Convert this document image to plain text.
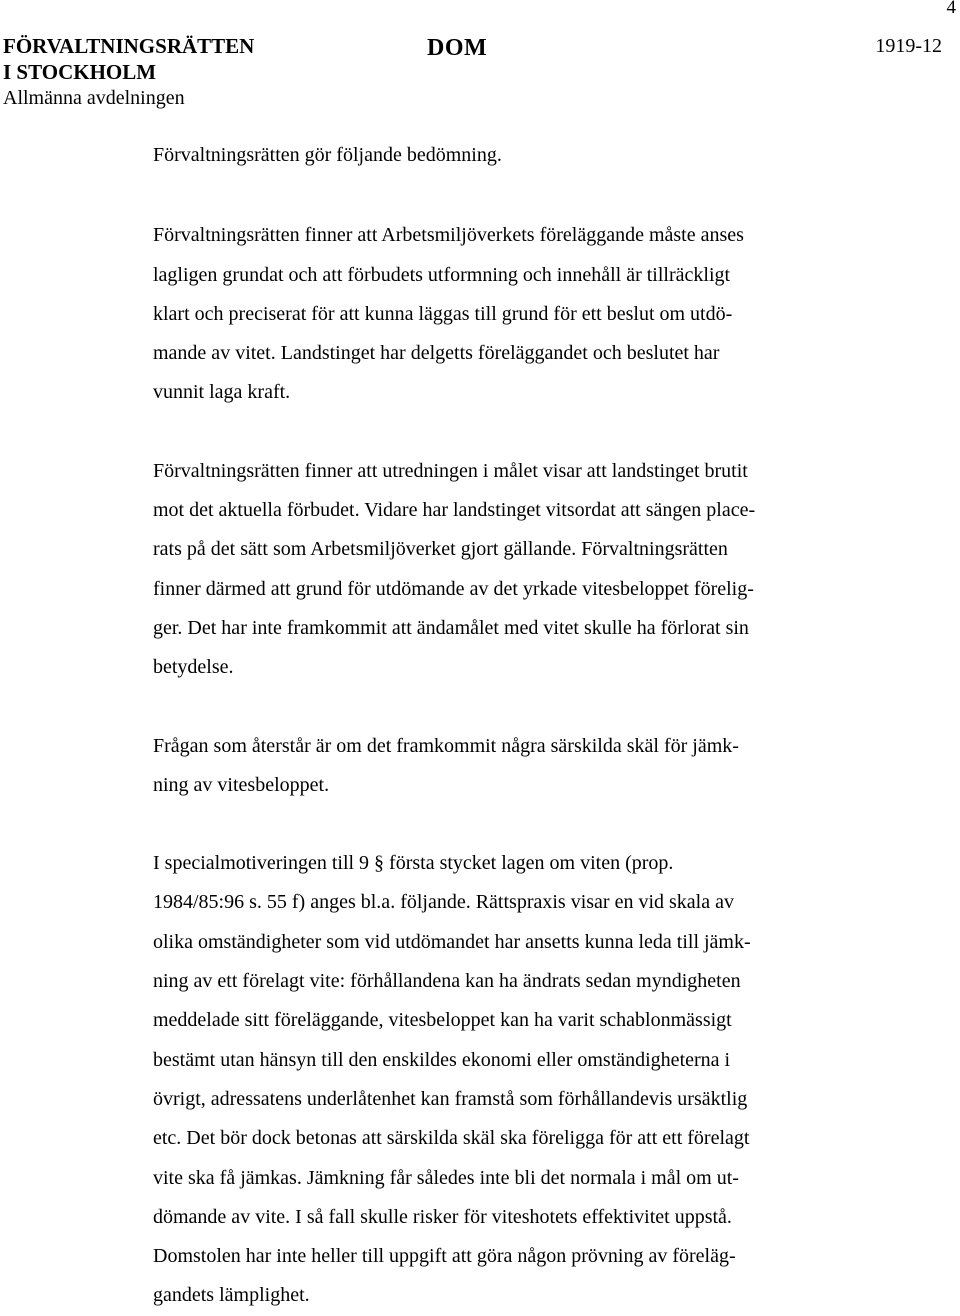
4
FÖRVALTNINGSRÄTTEN
I STOCKHOLM
Allmänna avdelningen
DOM	1919-12

Förvaltningsrätten gör följande bedömning.

Förvaltningsrätten finner att Arbetsmiljöverkets föreläggande måste anses
lagligen grundat och att förbudets utformning och innehåll är tillräckligt
klart och preciserat för att kunna läggas till grund för ett beslut om utdö-
mande av vitet. Landstinget har delgetts föreläggandet och beslutet har
vunnit laga kraft.

Förvaltningsrätten finner att utredningen i målet visar att landstinget brutit
mot det aktuella förbudet. Vidare har landstinget vitsordat att sängen place-
rats på det sätt som Arbetsmiljöverket gjort gällande. Förvaltningsrätten
finner därmed att grund för utdömande av det yrkade vitesbeloppet förelig-
ger. Det har inte framkommit att ändamålet med vitet skulle ha förlorat sin
betydelse.

Frågan som återstår är om det framkommit några särskilda skäl för jämk-
ning av vitesbeloppet.

I specialmotiveringen till 9 § första stycket lagen om viten (prop.
1984/85:96 s. 55 f) anges bl.a. följande. Rättspraxis visar en vid skala av
olika omständigheter som vid utdömandet har ansetts kunna leda till jämk-
ning av ett förelagt vite: förhållandena kan ha ändrats sedan myndigheten
meddelade sitt föreläggande, vitesbeloppet kan ha varit schablonmässigt
bestämt utan hänsyn till den enskildes ekonomi eller omständigheterna i
övrigt, adressatens underlåtenhet kan framstå som förhållandevis ursäktlig
etc. Det bör dock betonas att särskilda skäl ska föreligga för att ett förelagt
vite ska få jämkas. Jämkning får således inte bli det normala i mål om ut-
dömande av vite. I så fall skulle risker för viteshotets effektivitet uppstå.
Domstolen har inte heller till uppgift att göra någon prövning av föreläg-
gandets lämplighet.
